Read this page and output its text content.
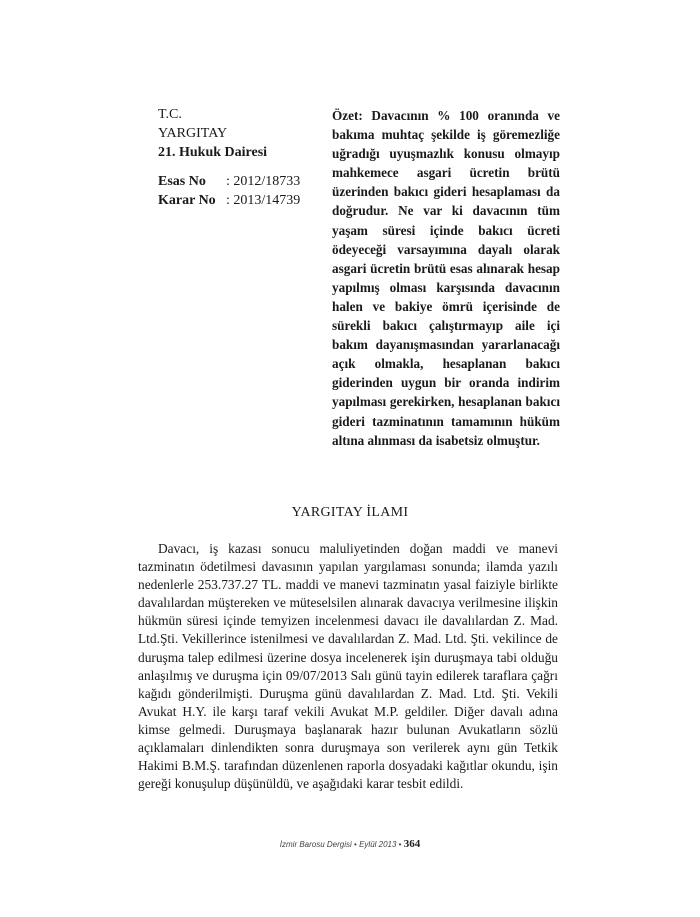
T.C.
YARGITAY
21. Hukuk Dairesi
Esas No : 2012/18733
Karar No : 2013/14739
Özet: Davacının % 100 oranında ve bakıma muhtaç şekilde iş göremezliğe uğradığı uyuşmazlık konusu olmayıp mahkemece asgari ücretin brütü üzerinden bakıcı gideri hesaplaması da doğrudur. Ne var ki davacının tüm yaşam süresi içinde bakıcı ücreti ödeyeceği varsayımına dayalı olarak asgari ücretin brütü esas alınarak hesap yapılmış olması karşısında davacının halen ve bakiye ömrü içerisinde de sürekli bakıcı çalıştırmayıp aile içi bakım dayanışmasından yararlanacağı açık olmakla, hesaplanan bakıcı giderinden uygun bir oranda indirim yapılması gerekirken, hesaplanan bakıcı gideri tazminatının tamamının hüküm altına alınması da isabetsiz olmuştur.
YARGITAY İLAMI
Davacı, iş kazası sonucu maluliyetinden doğan maddi ve manevi tazminatın ödetilmesi davasının yapılan yargılaması sonunda; ilamda yazılı nedenlerle 253.737.27 TL. maddi ve manevi tazminatın yasal faiziyle birlikte davalılardan müştereken ve müteselsilen alınarak davacıya verilmesine ilişkin hükmün süresi içinde temyizen incelenmesi davacı ile davalılardan Z. Mad. Ltd.Şti. Vekillerince istenilmesi ve davalılardan Z. Mad. Ltd. Şti. vekilince de duruşma talep edilmesi üzerine dosya incelenerek işin duruşmaya tabi olduğu anlaşılmış ve duruşma için 09/07/2013 Salı günü tayin edilerek taraflara çağrı kağıdı gönderilmişti. Duruşma günü davalılardan Z. Mad. Ltd. Şti. Vekili Avukat H.Y. ile karşı taraf vekili Avukat M.P. geldiler. Diğer davalı adına kimse gelmedi. Duruşmaya başlanarak hazır bulunan Avukatların sözlü açıklamaları dinlendikten sonra duruşmaya son verilerek aynı gün Tetkik Hakimi B.M.Ş. tarafından düzenlenen raporla dosyadaki kağıtlar okundu, işin gereği konuşulup düşünüldü, ve aşağıdaki karar tesbit edildi.
İzmir Barosu Dergisi • Eylül 2013 • 364
